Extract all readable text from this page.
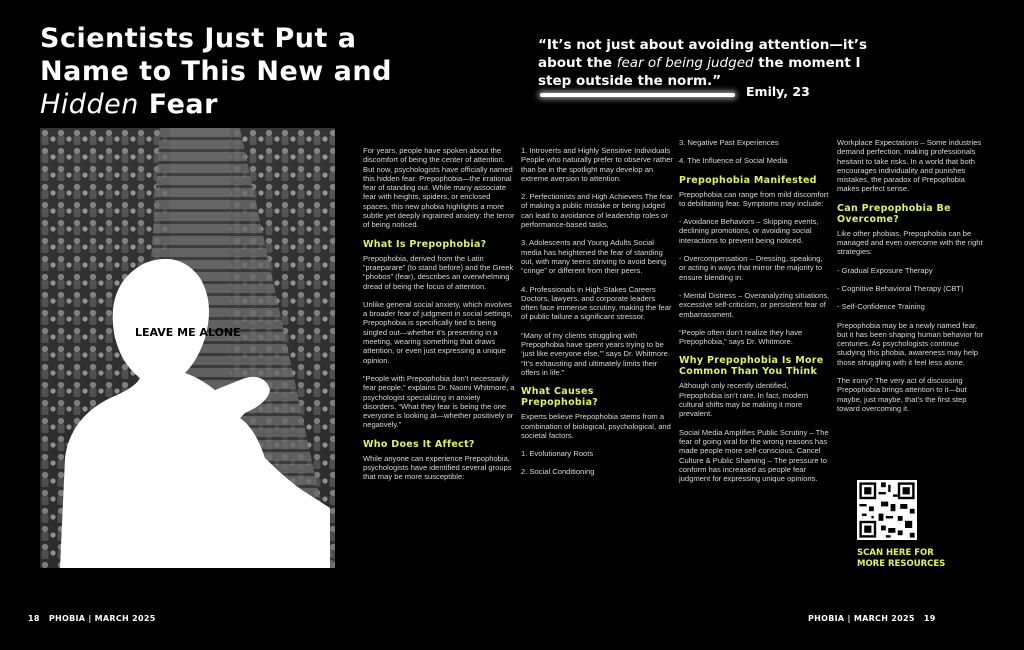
Scientists Just Put a
Name to This New and
Hidden Fear
“It’s not just about avoiding attention—it’s about the fear of being judged the moment I step outside the norm.”
Emily, 23
LEAVE ME ALONE

For years, people have spoken about the discomfort of being the center of attention. But now, psychologists have officially named this hidden fear: Prepophobia—the irrational fear of standing out. While many associate fear with heights, spiders, or enclosed spaces, this new phobia highlights a more subtle yet deeply ingrained anxiety: the terror of being noticed.

What Is Prepophobia?

Prepophobia, derived from the Latin “praeparare” (to stand before) and the Greek “phobos” (fear), describes an overwhelming dread of being the focus of attention.

Unlike general social anxiety, which involves a broader fear of judgment in social settings, Prepophobia is specifically tied to being singled out—whether it’s presenting in a meeting, wearing something that draws attention, or even just expressing a unique opinion.

“People with Prepophobia don’t necessarily fear people,” explains Dr. Naomi Whitmore, a psychologist specializing in anxiety disorders. “What they fear is being the one everyone is looking at—whether positively or negatively.”

Who Does It Affect?

While anyone can experience Prepophobia, psychologists have identified several groups that may be more susceptible:

1. Introverts and Highly Sensitive Individuals People who naturally prefer to observe rather than be in the spotlight may develop an extreme aversion to attention.

2. Perfectionists and High Achievers The fear of making a public mistake or being judged can lead to avoidance of leadership roles or performance-based tasks.

3. Adolescents and Young Adults Social media has heightened the fear of standing out, with many teens striving to avoid being “cringe” or different from their peers.

4. Professionals in High-Stakes Careers Doctors, lawyers, and corporate leaders often face immense scrutiny, making the fear of public failure a significant stressor.

“Many of my clients struggling with Prepophobia have spent years trying to be ‘just like everyone else,’” says Dr. Whitmore. “It’s exhausting and ultimately limits their offers in life.”

What Causes Prepophobia?

Experts believe Prepophobia stems from a combination of biological, psychological, and societal factors.

1. Evolutionary Roots

2. Social Conditioning

3. Negative Past Experiences

4. The Influence of Social Media

Prepophobia Manifested

Prepophobia can range from mild discomfort to debilitating fear. Symptoms may include:

- Avoidance Behaviors – Skipping events, declining promotions, or avoiding social interactions to prevent being noticed.

- Overcompensation – Dressing, speaking, or acting in ways that mirror the majority to ensure blending in.

- Mental Distress – Overanalyzing situations, excessive self-criticism, or persistent fear of embarrassment.

“People often don’t realize they have Prepophobia,” says Dr. Whitmore.

Why Prepophobia Is More Common Than You Think

Although only recently identified, Prepophobia isn’t rare. In fact, modern cultural shifts may be making it more prevalent.

Social Media Amplifies Public Scrutiny – The fear of going viral for the wrong reasons has made people more self-conscious. Cancel Culture & Public Shaming – The pressure to conform has increased as people fear judgment for expressing unique opinions.

Workplace Expectations – Some industries demand perfection, making professionals hesitant to take risks. In a world that both encourages individuality and punishes mistakes, the paradox of Prepophobia makes perfect sense.

Can Prepophobia Be Overcome?

Like other phobias, Prepophobia can be managed and even overcome with the right strategies:

- Gradual Exposure Therapy

- Cognitive Behavioral Therapy (CBT)

- Self-Confidence Training

Prepophobia may be a newly named fear, but it has been shaping human behavior for centuries. As psychologists continue studying this phobia, awareness may help those struggling with it feel less alone.

The irony? The very act of discussing Prepophobia brings attention to it—but maybe, just maybe, that’s the first step toward overcoming it.

SCAN HERE FOR
MORE RESOURCES
18 PHOBIA | MARCH 2025	PHOBIA | MARCH 2025 19
